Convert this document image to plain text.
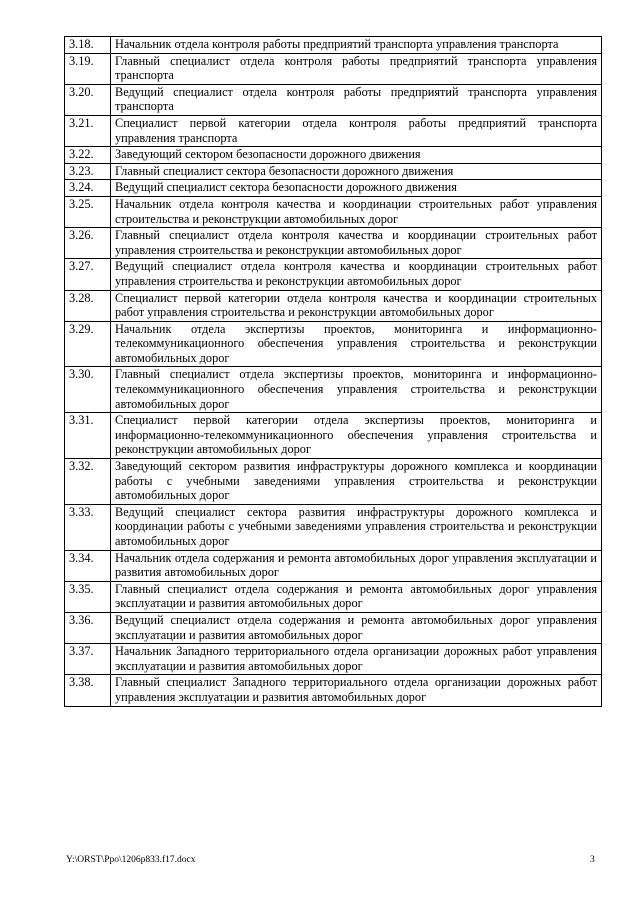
3.18.	Начальник отдела контроля работы предприятий транспорта управления транспорта
3.19.	Главный специалист отдела контроля работы предприятий транспорта управления транспорта
3.20.	Ведущий специалист отдела контроля работы предприятий транспорта управления транспорта
3.21.	Специалист первой категории отдела контроля работы предприятий транспорта управления транспорта
3.22.	Заведующий сектором безопасности дорожного движения
3.23.	Главный специалист сектора безопасности дорожного движения
3.24.	Ведущий специалист сектора безопасности дорожного движения
3.25.	Начальник отдела контроля качества и координации строительных работ управления строительства и реконструкции автомобильных дорог
3.26.	Главный специалист отдела контроля качества и координации строительных работ управления строительства и реконструкции автомобильных дорог
3.27.	Ведущий специалист отдела контроля качества и координации строительных работ управления строительства и реконструкции автомобильных дорог
3.28.	Специалист первой категории отдела контроля качества и координации строительных работ управления строительства и реконструкции автомобильных дорог
3.29.	Начальник отдела экспертизы проектов, мониторинга и информационно-телекоммуникационного обеспечения управления строительства и реконструкции автомобильных дорог
3.30.	Главный специалист отдела экспертизы проектов, мониторинга и информационно-телекоммуникационного обеспечения управления строительства и реконструкции автомобильных дорог
3.31.	Специалист первой категории отдела экспертизы проектов, мониторинга и информационно-телекоммуникационного обеспечения управления строительства и реконструкции автомобильных дорог
3.32.	Заведующий сектором развития инфраструктуры дорожного комплекса и координации работы с учебными заведениями управления строительства и реконструкции автомобильных дорог
3.33.	Ведущий специалист сектора развития инфраструктуры дорожного комплекса и координации работы с учебными заведениями управления строительства и реконструкции автомобильных дорог
3.34.	Начальник отдела содержания и ремонта автомобильных дорог управления эксплуатации и развития автомобильных дорог
3.35.	Главный специалист отдела содержания и ремонта автомобильных дорог управления эксплуатации и развития автомобильных дорог
3.36.	Ведущий специалист отдела содержания и ремонта автомобильных дорог управления эксплуатации и развития автомобильных дорог
3.37.	Начальник Западного территориального отдела организации дорожных работ управления эксплуатации и развития автомобильных дорог
3.38.	Главный специалист Западного территориального отдела организации дорожных работ управления эксплуатации и развития автомобильных дорог
Y:\ORST\Ppo\1206p833.f17.docx	3
